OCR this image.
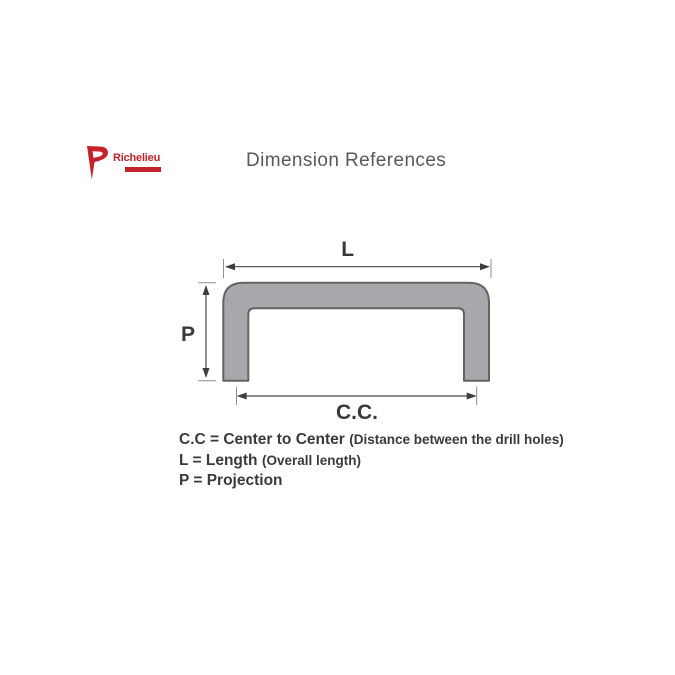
Richelieu	Dimension References
L
P
C.C.
C.C = Center to Center (Distance between the drill holes)
L = Length (Overall length)
P = Projection
